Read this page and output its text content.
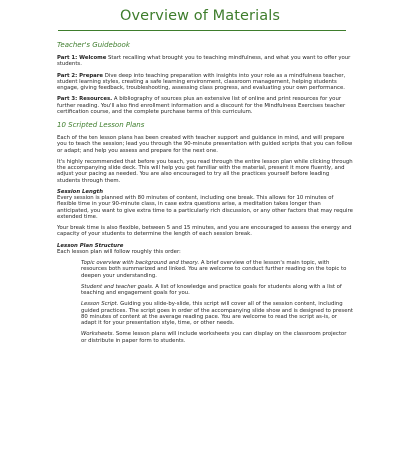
Overview of Materials
Teacher's Guidebook

Part 1: Welcome Start recalling what brought you to teaching mindfulness, and what you want to offer your students.

Part 2: Prepare Dive deep into teaching preparation with insights into your role as a mindfulness teacher, student learning styles, creating a safe learning environment, classroom management, helping students engage, giving feedback, troubleshooting, assessing class progress, and evaluating your own performance.

Part 3: Resources. A bibliography of sources plus an extensive list of online and print resources for your further reading. You'll also find enrollment information and a discount for the Mindfulness Exercises teacher certification course, and the complete purchase terms of this curriculum.

10 Scripted Lesson Plans

Each of the ten lesson plans has been created with teacher support and guidance in mind, and will prepare you to teach the session; lead you through the 90-minute presentation with guided scripts that you can follow or adapt; and help you assess and prepare for the next one.

It's highly recommended that before you teach, you read through the entire lesson plan while clicking through the accompanying slide deck. This will help you get familiar with the material, present it more fluently, and adjust your pacing as needed. You are also encouraged to try all the practices yourself before leading students through them.

Session Length

Every session is planned with 80 minutes of content, including one break. This allows for 10 minutes of flexible time in your 90-minute class, in case extra questions arise, a meditation takes longer than anticipated, you want to give extra time to a particularly rich discussion, or any other factors that may require extended time.

Your break time is also flexible, between 5 and 15 minutes, and you are encouraged to assess the energy and capacity of your students to determine the length of each session break.

Lesson Plan Structure

Each lesson plan will follow roughly this order:

Topic overview with background and theory. A brief overview of the lesson's main topic, with resources both summarized and linked. You are welcome to conduct further reading on the topic to deepen your understanding.

Student and teacher goals. A list of knowledge and practice goals for students along with a list of teaching and engagement goals for you.

Lesson Script. Guiding you slide-by-slide, this script will cover all of the session content, including guided practices. The script goes in order of the accompanying slide show and is designed to present 80 minutes of content at the average reading pace. You are welcome to read the script as-is, or adapt it for your presentation style, time, or other needs.

Worksheets. Some lesson plans will include worksheets you can display on the classroom projector or distribute in paper form to students.
